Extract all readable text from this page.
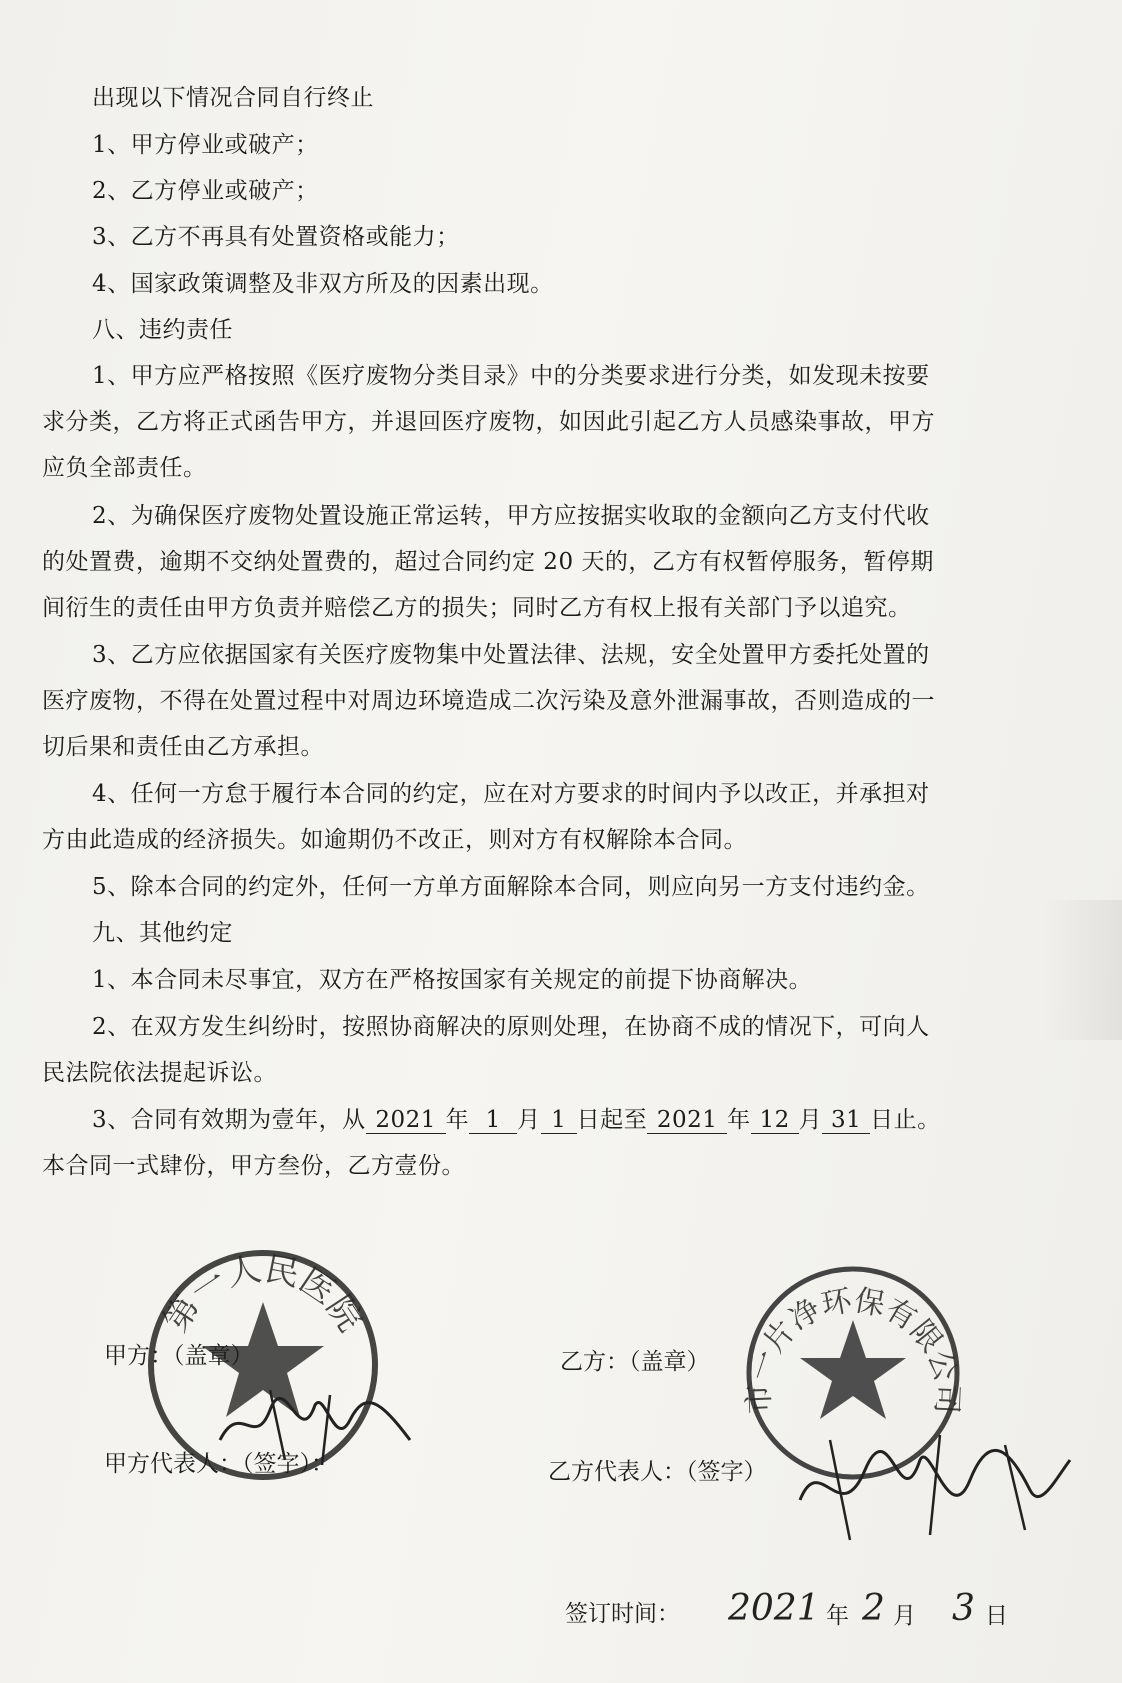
出现以下情况合同自行终止
1、甲方停业或破产；
2、乙方停业或破产；
3、乙方不再具有处置资格或能力；
4、国家政策调整及非双方所及的因素出现。
八、违约责任
1、甲方应严格按照《医疗废物分类目录》中的分类要求进行分类，如发现未按要
求分类，乙方将正式函告甲方，并退回医疗废物，如因此引起乙方人员感染事故，甲方
应负全部责任。
2、为确保医疗废物处置设施正常运转，甲方应按据实收取的金额向乙方支付代收
的处置费，逾期不交纳处置费的，超过合同约定 20 天的，乙方有权暂停服务，暂停期
间衍生的责任由甲方负责并赔偿乙方的损失；同时乙方有权上报有关部门予以追究。
3、乙方应依据国家有关医疗废物集中处置法律、法规，安全处置甲方委托处置的
医疗废物，不得在处置过程中对周边环境造成二次污染及意外泄漏事故，否则造成的一
切后果和责任由乙方承担。
4、任何一方怠于履行本合同的约定，应在对方要求的时间内予以改正，并承担对
方由此造成的经济损失。如逾期仍不改正，则对方有权解除本合同。
5、除本合同的约定外，任何一方单方面解除本合同，则应向另一方支付违约金。
九、其他约定
1、本合同未尽事宜，双方在严格按国家有关规定的前提下协商解决。
2、在双方发生纠纷时，按照协商解决的原则处理，在协商不成的情况下，可向人
民法院依法提起诉讼。
3、合同有效期为壹年，从 2021 年 1 月 1 日起至 2021 年 12 月 31 日止。
本合同一式肆份，甲方叁份，乙方壹份。
第一人民医院
甲方：（盖章）
甲方代表人：（签字）：
乙方：（盖章）
乙方代表人：（签字）
市一片净环保有限公司
签订时间： 2021 年 2 月 3 日
